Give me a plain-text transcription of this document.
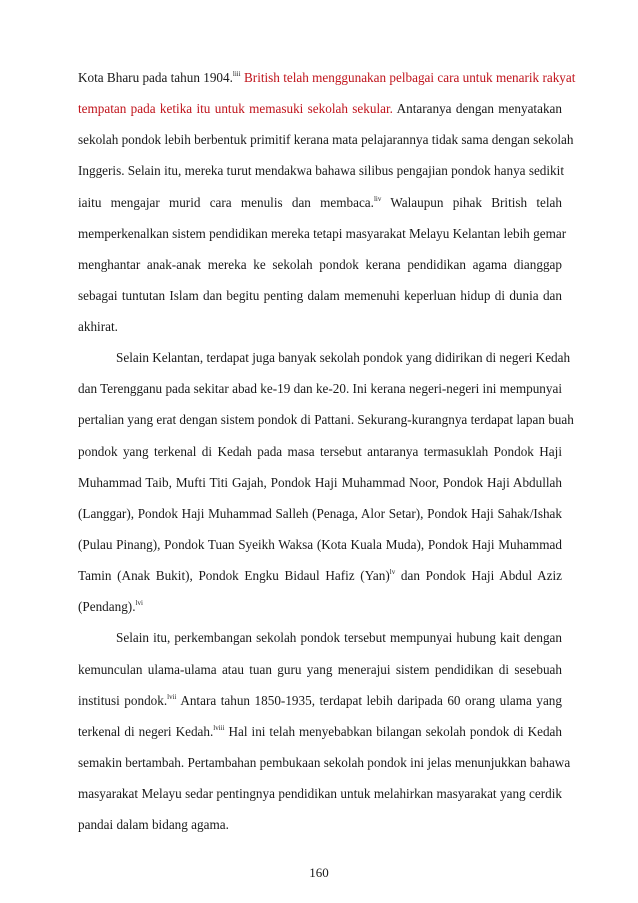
Kota Bharu pada tahun 1904.$^{liii}$ British telah menggunakan pelbagai cara untuk menarik rakyat
tempatan pada ketika itu untuk memasuki sekolah sekular. Antaranya dengan menyatakan
sekolah pondok lebih berbentuk primitif kerana mata pelajarannya tidak sama dengan sekolah
Inggeris. Selain itu, mereka turut mendakwa bahawa silibus pengajian pondok hanya sedikit
iaitu mengajar murid cara menulis dan membaca.$^{liv}$ Walaupun pihak British telah
memperkenalkan sistem pendidikan mereka tetapi masyarakat Melayu Kelantan lebih gemar
menghantar anak-anak mereka ke sekolah pondok kerana pendidikan agama dianggap
sebagai tuntutan Islam dan begitu penting dalam memenuhi keperluan hidup di dunia dan
akhirat.
Selain Kelantan, terdapat juga banyak sekolah pondok yang didirikan di negeri Kedah
dan Terengganu pada sekitar abad ke-19 dan ke-20. Ini kerana negeri-negeri ini mempunyai
pertalian yang erat dengan sistem pondok di Pattani. Sekurang-kurangnya terdapat lapan buah
pondok yang terkenal di Kedah pada masa tersebut antaranya termasuklah Pondok Haji
Muhammad Taib, Mufti Titi Gajah, Pondok Haji Muhammad Noor, Pondok Haji Abdullah
(Langgar), Pondok Haji Muhammad Salleh (Penaga, Alor Setar), Pondok Haji Sahak/Ishak
(Pulau Pinang), Pondok Tuan Syeikh Waksa (Kota Kuala Muda), Pondok Haji Muhammad
Tamin (Anak Bukit), Pondok Engku Bidaul Hafiz (Yan)$^{lv}$ dan Pondok Haji Abdul Aziz
(Pendang).$^{lvi}$
Selain itu, perkembangan sekolah pondok tersebut mempunyai hubung kait dengan
kemunculan ulama-ulama atau tuan guru yang menerajui sistem pendidikan di sesebuah
institusi pondok.$^{lvii}$ Antara tahun 1850-1935, terdapat lebih daripada 60 orang ulama yang
terkenal di negeri Kedah.$^{lviii}$ Hal ini telah menyebabkan bilangan sekolah pondok di Kedah
semakin bertambah. Pertambahan pembukaan sekolah pondok ini jelas menunjukkan bahawa
masyarakat Melayu sedar pentingnya pendidikan untuk melahirkan masyarakat yang cerdik
pandai dalam bidang agama.
160
